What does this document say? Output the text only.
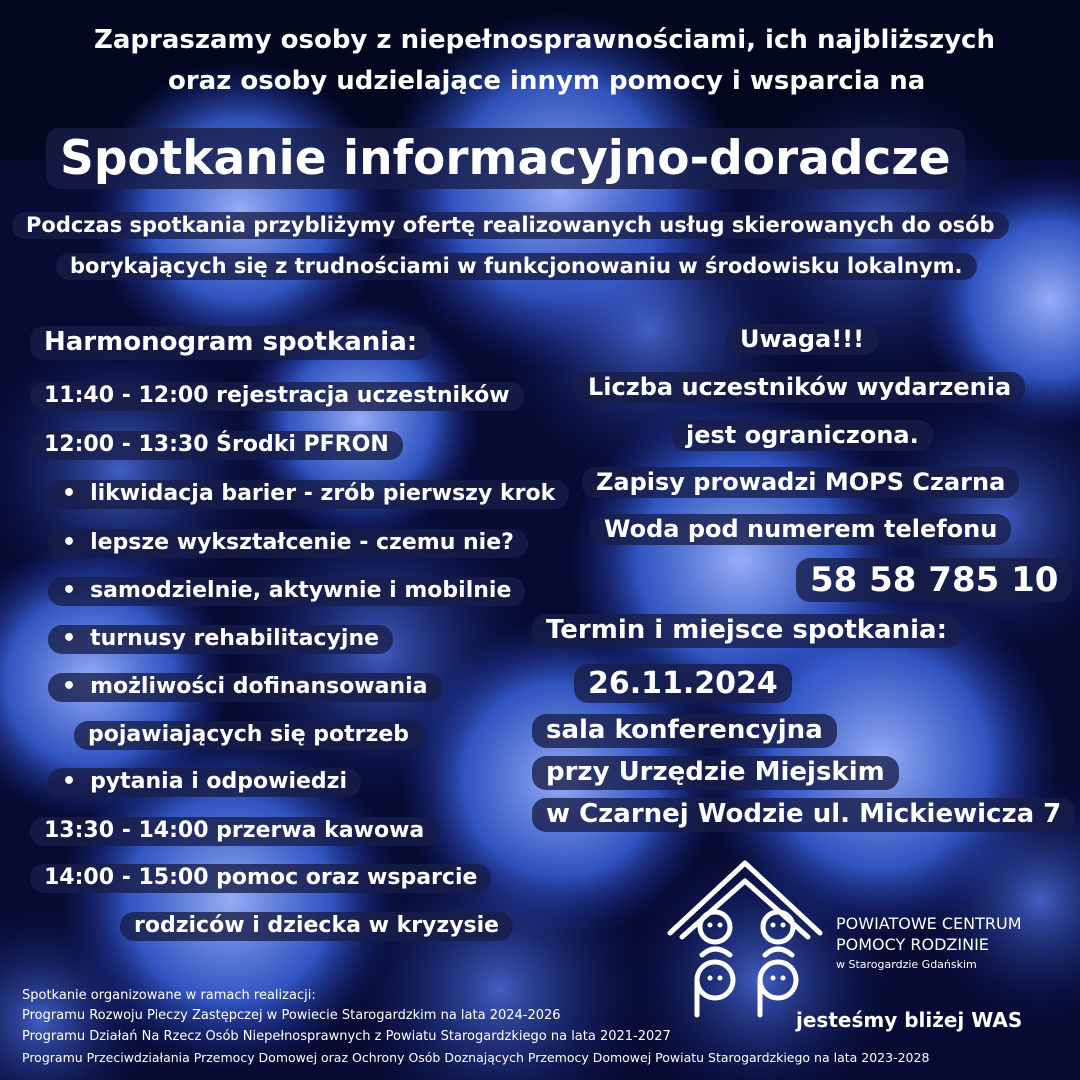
Zapraszamy osoby z niepełnosprawnościami, ich najbliższych
oraz osoby udzielające innym pomocy i wsparcia na
Spotkanie informacyjno-doradcze
Podczas spotkania przybliżymy ofertę realizowanych usług skierowanych do osób
borykających się z trudnościami w funkcjonowaniu w środowisku lokalnym.
Harmonogram spotkania:
11:40 - 12:00 rejestracja uczestników
12:00 - 13:30 Środki PFRON
• likwidacja barier - zrób pierwszy krok
• lepsze wykształcenie - czemu nie?
• samodzielnie, aktywnie i mobilnie
• turnusy rehabilitacyjne
• możliwości dofinansowania
pojawiających się potrzeb
• pytania i odpowiedzi
13:30 - 14:00 przerwa kawowa
14:00 - 15:00 pomoc oraz wsparcie
rodziców i dziecka w kryzysie
Uwaga!!!
Liczba uczestników wydarzenia
jest ograniczona.
Zapisy prowadzi MOPS Czarna
Woda pod numerem telefonu
58 58 785 10
Termin i miejsce spotkania:
26.11.2024
sala konferencyjna
przy Urzędzie Miejskim
w Czarnej Wodzie ul. Mickiewicza 7
POWIATOWE CENTRUM
POMOCY RODZINIE
w Starogardzie Gdańskim
jesteśmy bliżej WAS
Spotkanie organizowane w ramach realizacji:
Programu Rozwoju Pieczy Zastępczej w Powiecie Starogardzkim na lata 2024-2026
Programu Działań Na Rzecz Osób Niepełnosprawnych z Powiatu Starogardzkiego na lata 2021-2027
Programu Przeciwdziałania Przemocy Domowej oraz Ochrony Osób Doznających Przemocy Domowej Powiatu Starogardzkiego na lata 2023-2028
